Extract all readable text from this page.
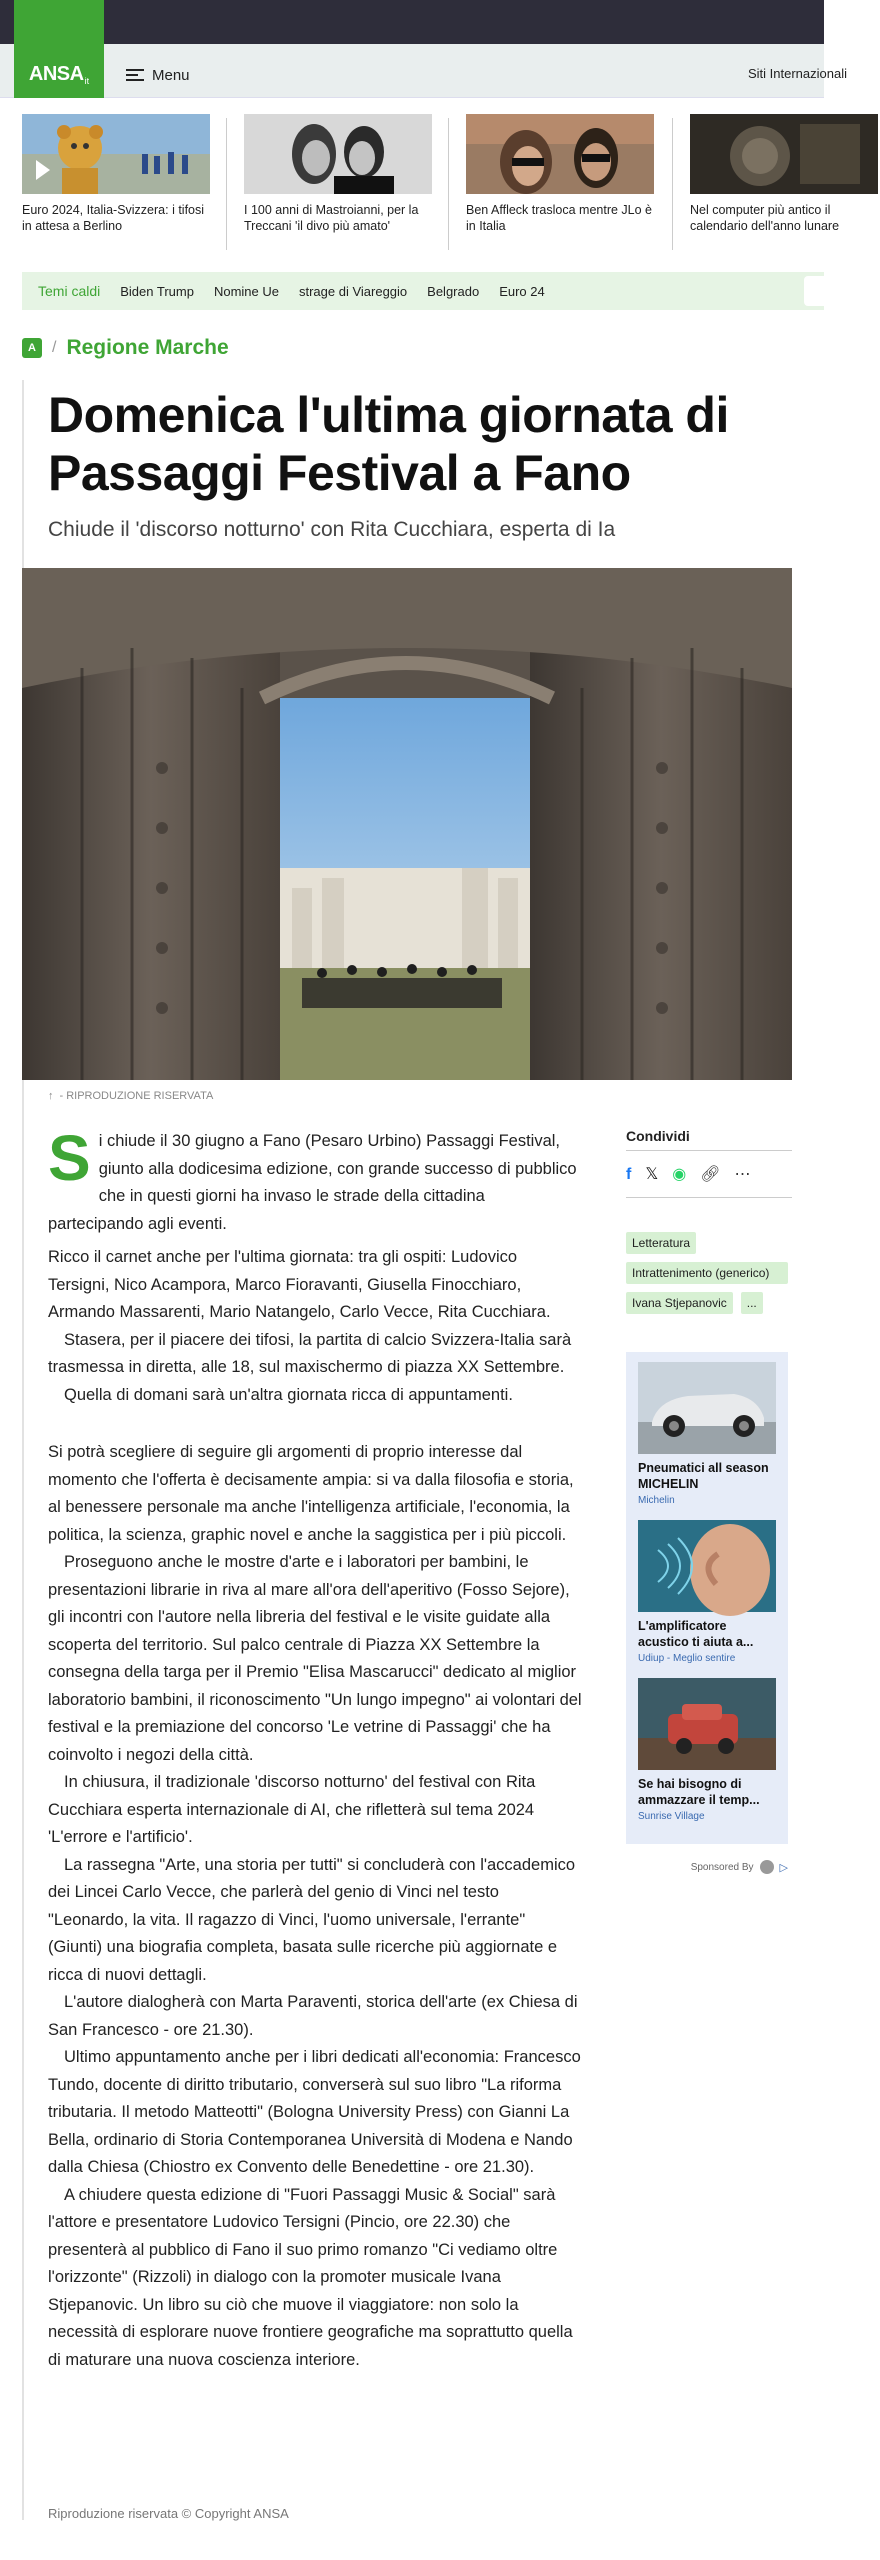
$ANSA_{it}$	Menu	Siti Internazionali
Euro 2024, Italia-Svizzera: i tifosi in attesa a Berlino
I 100 anni di Mastroianni, per la Treccani 'il divo più amato'
Ben Affleck trasloca mentre JLo è in Italia
Nel computer più antico il calendario dell'anno lunare
Temi caldi Biden Trump Nomine Ue strage di Viareggio Belgrado Euro 24
A	/ Regione Marche
Domenica l'ultima giornata di Passaggi Festival a Fano
Chiude il 'discorso notturno' con Rita Cucchiara, esperta di Ia
↑ - RIPRODUZIONE RISERVATA

Si chiude il 30 giugno a Fano (Pesaro Urbino) Passaggi Festival, giunto alla dodicesima edizione, con grande successo di pubblico che in questi giorni ha invaso le strade della cittadina partecipando agli eventi.

Ricco il carnet anche per l'ultima giornata: tra gli ospiti: Ludovico Tersigni, Nico Acampora, Marco Fioravanti, Giusella Finocchiaro, Armando Massarenti, Mario Natangelo, Carlo Vecce, Rita Cucchiara.

Stasera, per il piacere dei tifosi, la partita di calcio Svizzera-Italia sarà trasmessa in diretta, alle 18, sul maxischermo di piazza XX Settembre.

Quella di domani sarà un'altra giornata ricca di appuntamenti.

Si potrà scegliere di seguire gli argomenti di proprio interesse dal momento che l'offerta è decisamente ampia: si va dalla filosofia e storia, al benessere personale ma anche l'intelligenza artificiale, l'economia, la politica, la scienza, graphic novel e anche la saggistica per i più piccoli.

Proseguono anche le mostre d'arte e i laboratori per bambini, le presentazioni librarie in riva al mare all'ora dell'aperitivo (Fosso Sejore), gli incontri con l'autore nella libreria del festival e le visite guidate alla scoperta del territorio. Sul palco centrale di Piazza XX Settembre la consegna della targa per il Premio "Elisa Mascarucci" dedicato al miglior laboratorio bambini, il riconoscimento "Un lungo impegno" ai volontari del festival e la premiazione del concorso 'Le vetrine di Passaggi' che ha coinvolto i negozi della città.

In chiusura, il tradizionale 'discorso notturno' del festival con Rita Cucchiara esperta internazionale di AI, che rifletterà sul tema 2024 'L'errore e l'artificio'.

La rassegna "Arte, una storia per tutti" si concluderà con l'accademico dei Lincei Carlo Vecce, che parlerà del genio di Vinci nel testo "Leonardo, la vita. Il ragazzo di Vinci, l'uomo universale, l'errante" (Giunti) una biografia completa, basata sulle ricerche più aggiornate e ricca di nuovi dettagli.

L'autore dialogherà con Marta Paraventi, storica dell'arte (ex Chiesa di San Francesco - ore 21.30).

Ultimo appuntamento anche per i libri dedicati all'economia: Francesco Tundo, docente di diritto tributario, converserà sul suo libro "La riforma tributaria. Il metodo Matteotti" (Bologna University Press) con Gianni La Bella, ordinario di Storia Contemporanea Università di Modena e Nando dalla Chiesa (Chiostro ex Convento delle Benedettine - ore 21.30).

A chiudere questa edizione di "Fuori Passaggi Music & Social" sarà l'attore e presentatore Ludovico Tersigni (Pincio, ore 22.30) che presenterà al pubblico di Fano il suo primo romanzo "Ci vediamo oltre l'orizzonte" (Rizzoli) in dialogo con la promoter musicale Ivana Stjepanovic. Un libro su ciò che muove il viaggiatore: non solo la necessità di esplorare nuove frontiere geografiche ma soprattutto quella di maturare una nuova coscienza interiore.

Riproduzione riservata © Copyright ANSA
Condividi
f 𝕏 ◉ 🔗︎ ⋯
Letteratura
Intrattenimento (generico)
Ivana Stjepanovic	...
Pneumatici all season MICHELIN
Michelin
L'amplificatore acustico ti aiuta a...
Udiup - Meglio sentire
Se hai bisogno di ammazzare il temp...
Sunrise Village
Sponsored By ▷
